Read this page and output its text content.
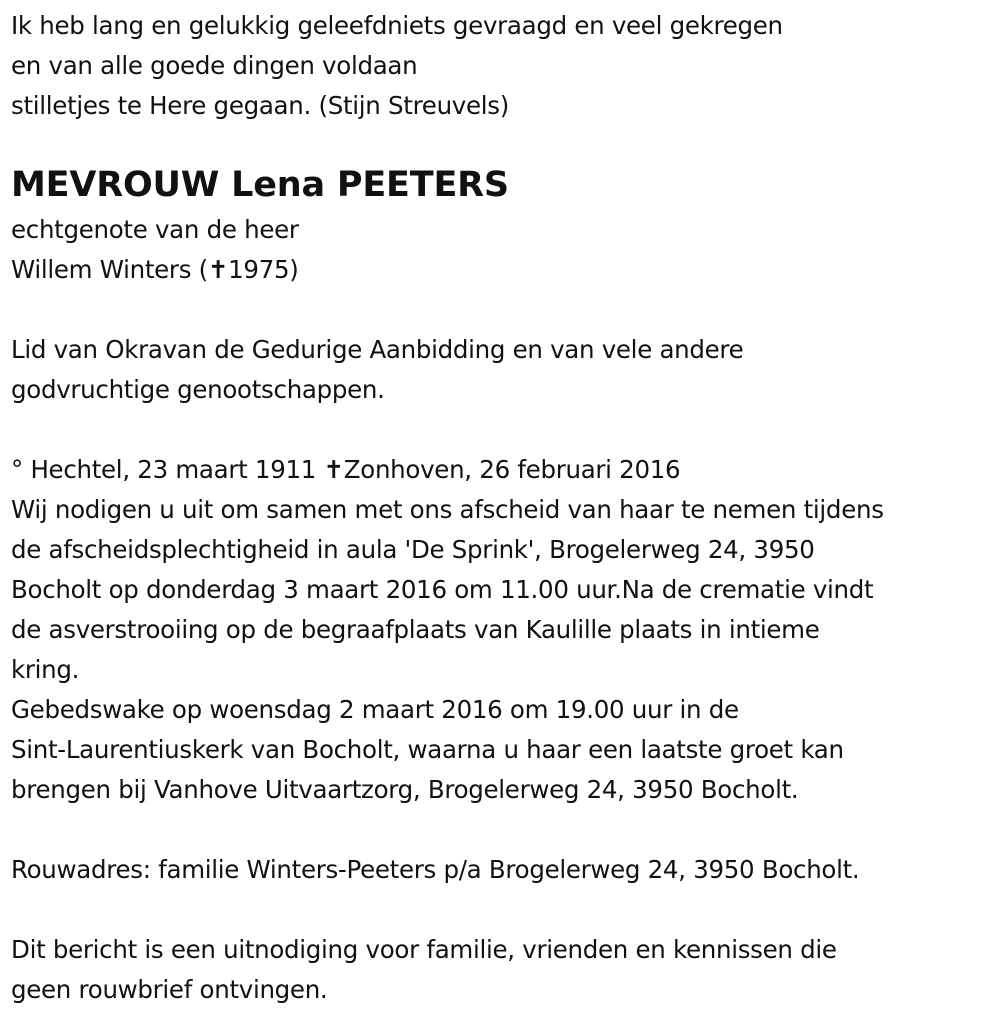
Ik heb lang en gelukkig geleefdniets gevraagd en veel gekregen
en van alle goede dingen voldaan
stilletjes te Here gegaan. (Stijn Streuvels)
MEVROUW Lena PEETERS
echtgenote van de heer
Willem Winters (✝1975)
Lid van Okravan de Gedurige Aanbidding en van vele andere
godvruchtige genootschappen.
° Hechtel, 23 maart 1911 ✝Zonhoven, 26 februari 2016
Wij nodigen u uit om samen met ons afscheid van haar te nemen tijdens
de afscheidsplechtigheid in aula 'De Sprink', Brogelerweg 24, 3950
Bocholt op donderdag 3 maart 2016 om 11.00 uur.Na de crematie vindt
de asverstrooiing op de begraafplaats van Kaulille plaats in intieme
kring.
Gebedswake op woensdag 2 maart 2016 om 19.00 uur in de
Sint-Laurentiuskerk van Bocholt, waarna u haar een laatste groet kan
brengen bij Vanhove Uitvaartzorg, Brogelerweg 24, 3950 Bocholt.
Rouwadres: familie Winters-Peeters p/a Brogelerweg 24, 3950 Bocholt.
Dit bericht is een uitnodiging voor familie, vrienden en kennissen die
geen rouwbrief ontvingen.
